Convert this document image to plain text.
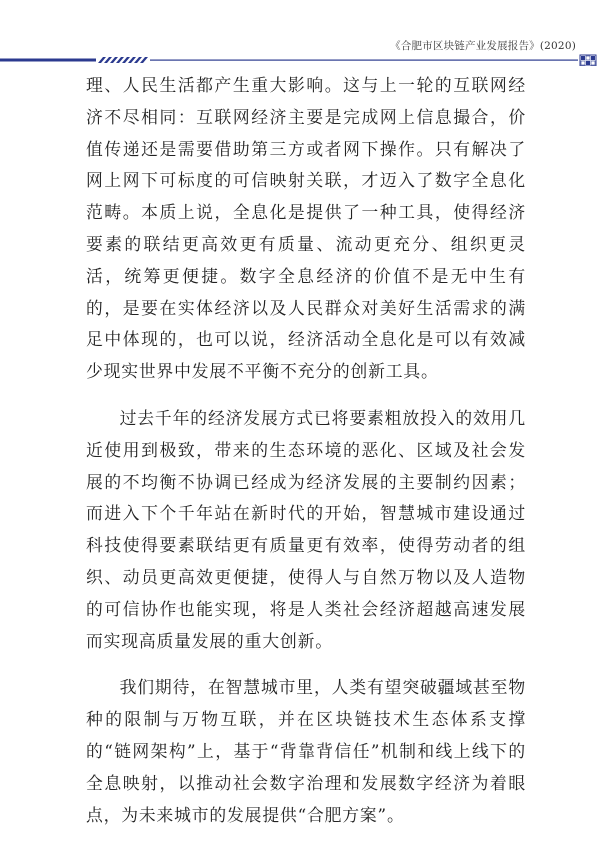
《合肥市区块链产业发展报告》(2020)

理、人民生活都产生重大影响。这与上一轮的互联网经济不尽相同：互联网经济主要是完成网上信息撮合，价值传递还是需要借助第三方或者网下操作。只有解决了网上网下可标度的可信映射关联，才迈入了数字全息化范畴。本质上说，全息化是提供了一种工具，使得经济要素的联结更高效更有质量、流动更充分、组织更灵活，统筹更便捷。数字全息经济的价值不是无中生有的，是要在实体经济以及人民群众对美好生活需求的满足中体现的，也可以说，经济活动全息化是可以有效减少现实世界中发展不平衡不充分的创新工具。

过去千年的经济发展方式已将要素粗放投入的效用几近使用到极致，带来的生态环境的恶化、区域及社会发展的不均衡不协调已经成为经济发展的主要制约因素；而进入下个千年站在新时代的开始，智慧城市建设通过科技使得要素联结更有质量更有效率，使得劳动者的组织、动员更高效更便捷，使得人与自然万物以及人造物的可信协作也能实现，将是人类社会经济超越高速发展而实现高质量发展的重大创新。

我们期待，在智慧城市里，人类有望突破疆域甚至物种的限制与万物互联，并在区块链技术生态体系支撑的“链网架构”上，基于“背靠背信任”机制和线上线下的全息映射，以推动社会数字治理和发展数字经济为着眼点，为未来城市的发展提供“合肥方案”。
